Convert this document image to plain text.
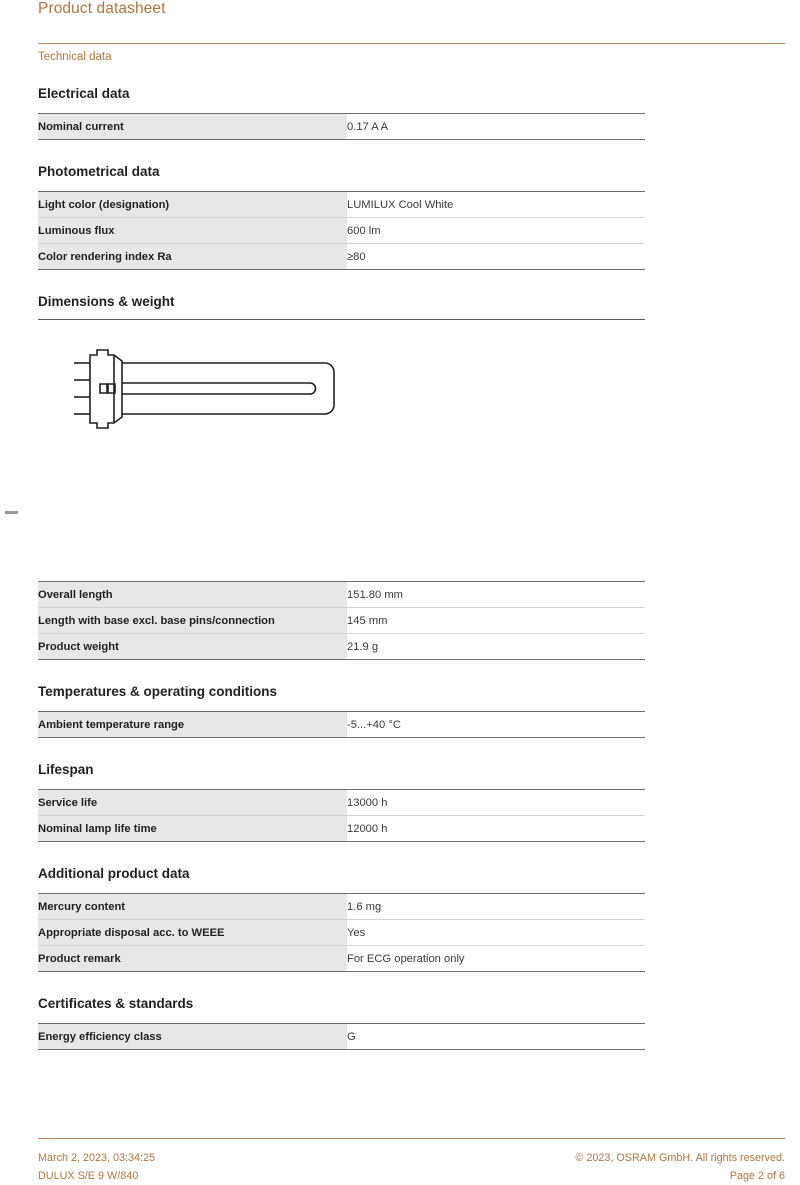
Product datasheet
Technical data
Electrical data
Nominal current	0.17 A A
Photometrical data
Light color (designation)	LUMILUX Cool White
Luminous flux	600 lm
Color rendering index Ra	≥80
Dimensions & weight
Overall length	151.80 mm
Length with base excl. base pins/connection	145 mm
Product weight	21.9 g
Temperatures & operating conditions
Ambient temperature range	-5...+40 °C
Lifespan
Service life	13000 h
Nominal lamp life time	12000 h
Additional product data
Mercury content	1.6 mg
Appropriate disposal acc. to WEEE	Yes
Product remark	For ECG operation only
Certificates & standards
Energy efficiency class	G
March 2, 2023, 03:34:25	© 2023, OSRAM GmbH. All rights reserved.
DULUX S/E 9 W/840	Page 2 of 6
